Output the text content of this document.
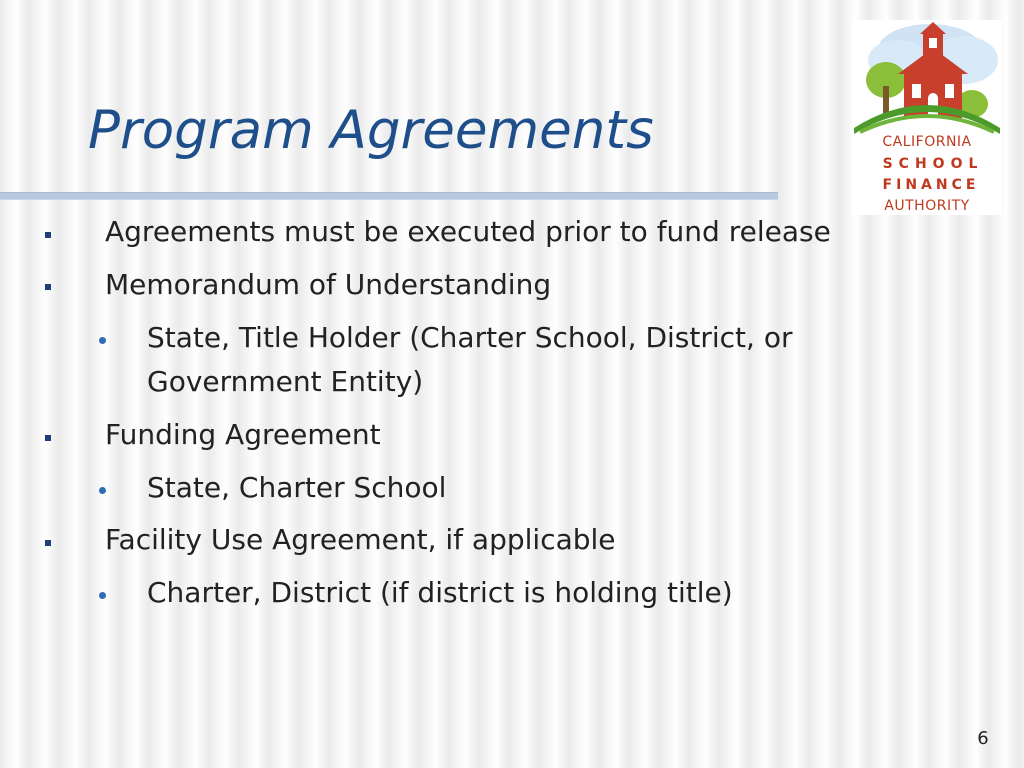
Program Agreements	CALIFORNIA
SCHOOL
FINANCE
AUTHORITY
Agreements must be executed prior to fund release
Memorandum of Understanding
State, Title Holder (Charter School, District, or
Government Entity)
Funding Agreement
State, Charter School
Facility Use Agreement, if applicable
Charter, District (if district is holding title)
6
